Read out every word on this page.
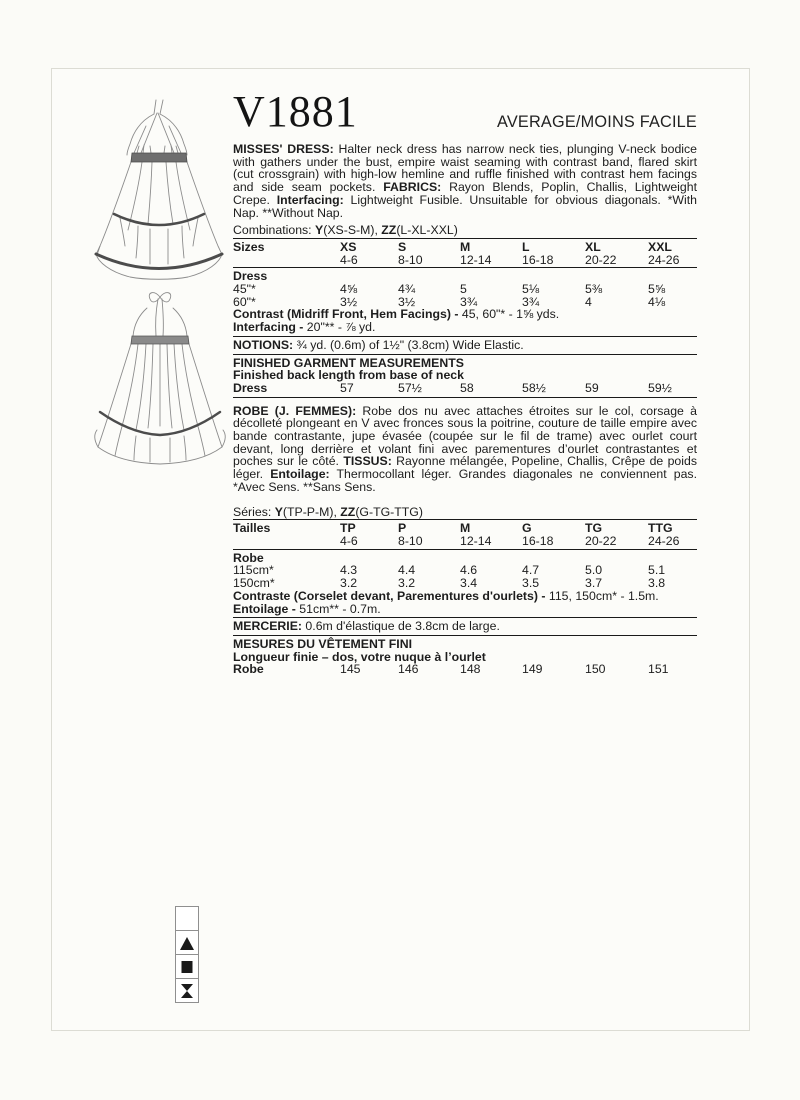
V1881	AVERAGE/MOINS FACILE

MISSES' DRESS: Halter neck dress has narrow neck ties, plunging V-neck bodice with gathers under the bust, empire waist seaming with contrast band, flared skirt (cut crossgrain) with high-low hemline and ruffle finished with contrast hem facings and side seam pockets. FABRICS: Rayon Blends, Poplin, Challis, Lightweight Crepe. Interfacing: Lightweight Fusible. Unsuitable for obvious diagonals. *With Nap. **Without Nap.

Combinations: Y(XS-S-M), ZZ(L-XL-XXL)
Sizes	XS	S	M	L	XL	XXL
4-6	8-10	12-14	16-18	20-22	24-26
Dress
45"*	4⅝	4¾	5	5⅛	5⅜	5⅝
60"*	3½	3½	3¾	3¾	4	4⅛
Contrast (Midriff Front, Hem Facings) - 45, 60"* - 1⅝ yds.
Interfacing - 20"** - ⅞ yd.
NOTIONS: ¾ yd. (0.6m) of 1½" (3.8cm) Wide Elastic.
FINISHED GARMENT MEASUREMENTS
Finished back length from base of neck
Dress	57	57½	58	58½	59	59½

ROBE (J. FEMMES): Robe dos nu avec attaches étroites sur le col, corsage à décolleté plongeant en V avec fronces sous la poitrine, couture de taille empire avec bande contrastante, jupe évasée (coupée sur le fil de trame) avec ourlet court devant, long derrière et volant fini avec parementures d’ourlet contrastantes et poches sur le côté. TISSUS: Rayonne mélangée, Popeline, Challis, Crêpe de poids léger. Entoilage: Thermocollant léger. Grandes diagonales ne conviennent pas. *Avec Sens. **Sans Sens.

Séries: Y(TP-P-M), ZZ(G-TG-TTG)
Tailles	TP	P	M	G	TG	TTG
4-6	8-10	12-14	16-18	20-22	24-26
Robe
115cm*	4.3	4.4	4.6	4.7	5.0	5.1
150cm*	3.2	3.2	3.4	3.5	3.7	3.8
Contraste (Corselet devant, Parementures d'ourlets) - 115, 150cm* - 1.5m.
Entoilage - 51cm** - 0.7m.
MERCERIE: 0.6m d'élastique de 3.8cm de large.
MESURES DU VÊTEMENT FINI
Longueur finie – dos, votre nuque à l’ourlet
Robe	145	146	148	149	150	151
